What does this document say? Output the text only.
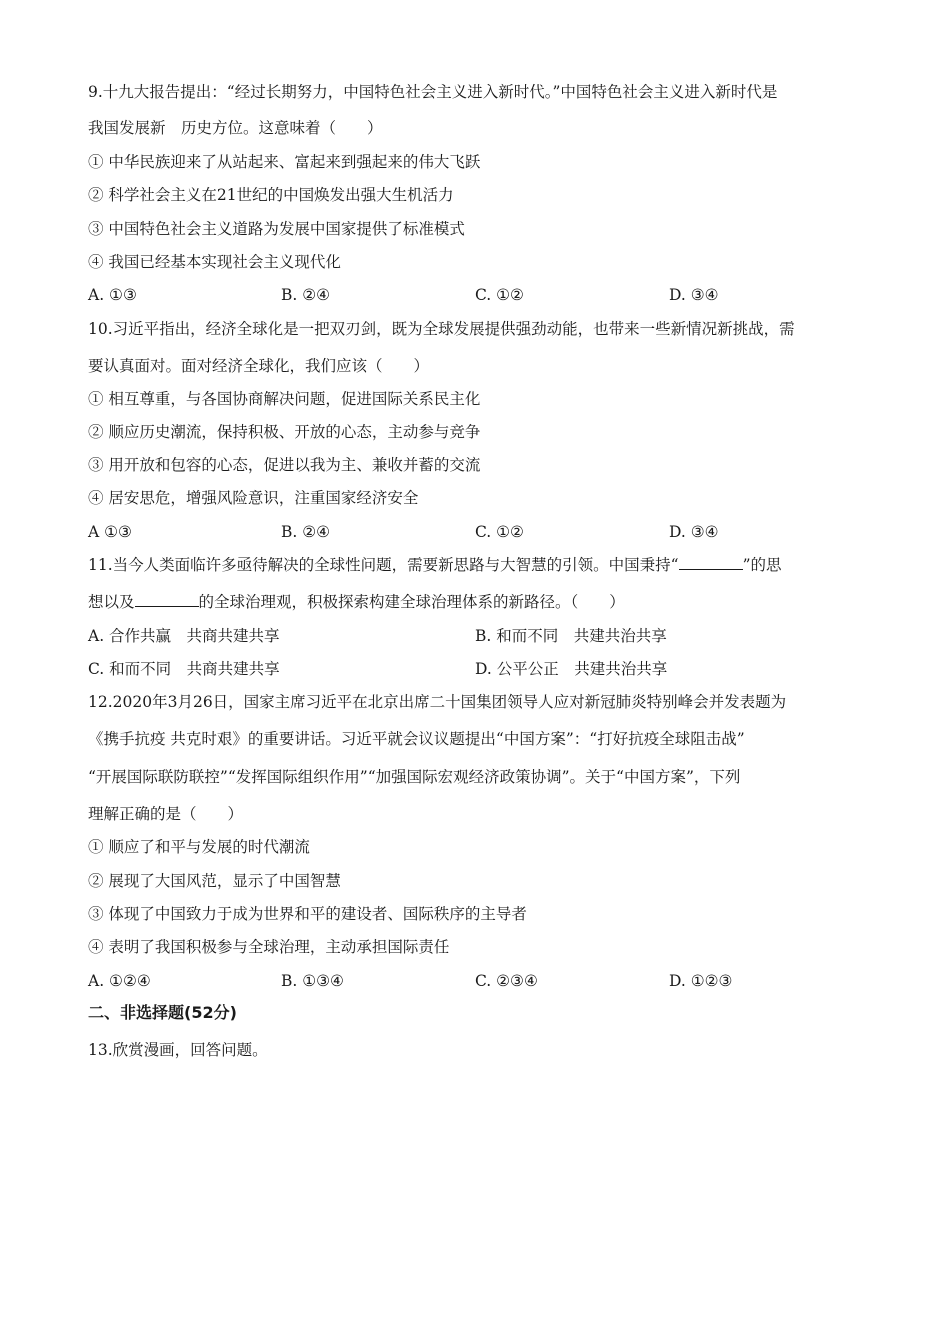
9.十九大报告提出：“经过长期努力，中国特色社会主义进入新时代。”中国特色社会主义进入新时代是
我国发展新　历史方位。这意味着（　　）
① 中华民族迎来了从站起来、富起来到强起来的伟大飞跃
② 科学社会主义在21世纪的中国焕发出强大生机活力
③ 中国特色社会主义道路为发展中国家提供了标准模式
④ 我国已经基本实现社会主义现代化
A. ①③	B. ②④	C. ①②	D. ③④
10.习近平指出，经济全球化是一把双刃剑，既为全球发展提供强劲动能，也带来一些新情况新挑战，需
要认真面对。面对经济全球化，我们应该（　　）
① 相互尊重，与各国协商解决问题，促进国际关系民主化
② 顺应历史潮流，保持积极、开放的心态，主动参与竞争
③ 用开放和包容的心态，促进以我为主、兼收并蓄的交流
④ 居安思危，增强风险意识，注重国家经济安全
A ①③	B. ②④	C. ①②	D. ③④
11.当今人类面临许多亟待解决的全球性问题，需要新思路与大智慧的引领。中国秉持“	”的思
想以及	的全球治理观，积极探索构建全球治理体系的新路径。（　　）
A. 合作共赢　共商共建共享	B. 和而不同　共建共治共享
C. 和而不同　共商共建共享	D. 公平公正　共建共治共享
12.2020年3月26日，国家主席习近平在北京出席二十国集团领导人应对新冠肺炎特别峰会并发表题为
《携手抗疫 共克时艰》的重要讲话。习近平就会议议题提出“中国方案”：“打好抗疫全球阻击战”
“开展国际联防联控”“发挥国际组织作用”“加强国际宏观经济政策协调”。关于“中国方案”，下列
理解正确的是（　　）
① 顺应了和平与发展的时代潮流
② 展现了大国风范，显示了中国智慧
③ 体现了中国致力于成为世界和平的建设者、国际秩序的主导者
④ 表明了我国积极参与全球治理，主动承担国际责任
A. ①②④	B. ①③④	C. ②③④	D. ①②③
二、非选择题(52分)
13.欣赏漫画，回答问题。
